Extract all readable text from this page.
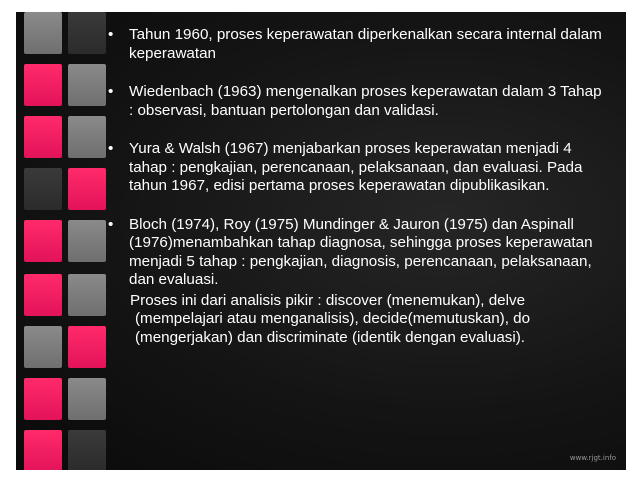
•	Tahun 1960, proses keperawatan diperkenalkan secara internal dalam keperawatan
•	Wiedenbach (1963) mengenalkan proses keperawatan dalam 3 Tahap : observasi, bantuan pertolongan dan validasi.
•	Yura & Walsh (1967) menjabarkan proses keperawatan menjadi 4 tahap : pengkajian, perencanaan, pelaksanaan, dan evaluasi. Pada tahun 1967, edisi pertama proses keperawatan dipublikasikan.
•	Bloch (1974), Roy (1975) Mundinger & Jauron (1975) dan Aspinall (1976)menambahkan tahap diagnosa, sehingga proses keperawatan menjadi 5 tahap : pengkajian, diagnosis, perencanaan, pelaksanaan, dan evaluasi.
Proses ini dari analisis pikir : discover (menemukan), delve (mempelajari atau menganalisis), decide(memutuskan), do (mengerjakan) dan discriminate (identik dengan evaluasi).
www.rjgt.info
